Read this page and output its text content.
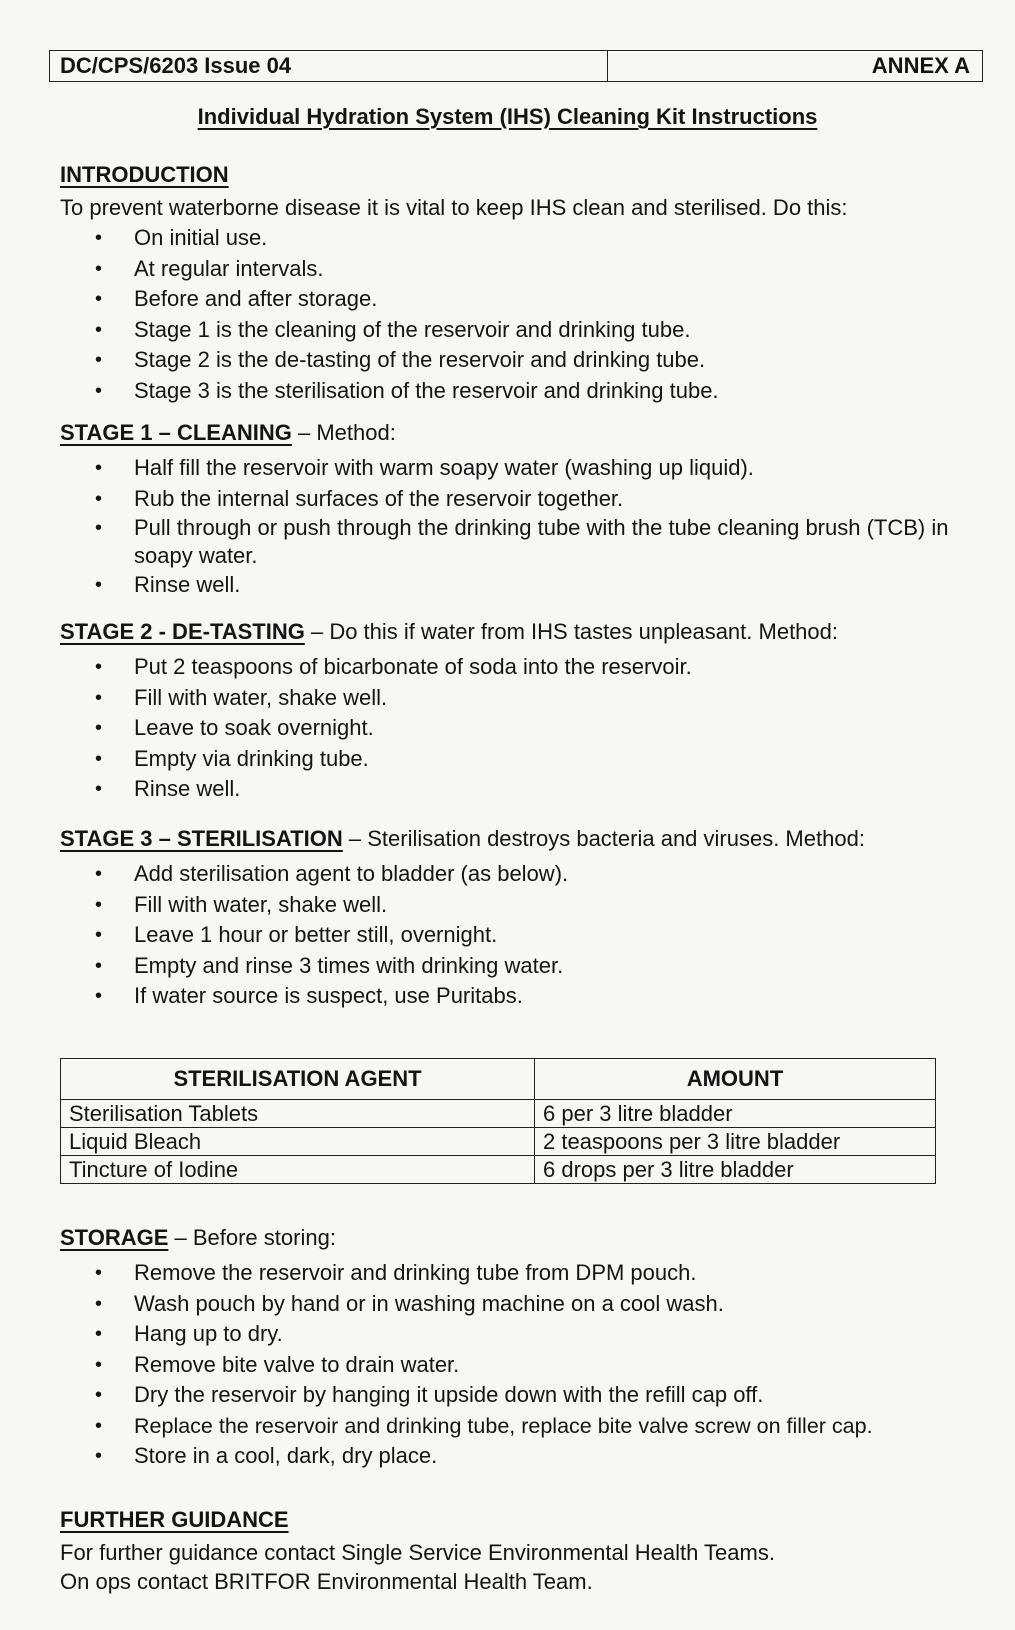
DC/CPS/6203 Issue 04	ANNEX A
Individual Hydration System (IHS) Cleaning Kit Instructions
INTRODUCTION
To prevent waterborne disease it is vital to keep IHS clean and sterilised. Do this:
• On initial use.
• At regular intervals.
• Before and after storage.
• Stage 1 is the cleaning of the reservoir and drinking tube.
• Stage 2 is the de-tasting of the reservoir and drinking tube.
• Stage 3 is the sterilisation of the reservoir and drinking tube.
STAGE 1 – CLEANING – Method:
• Half fill the reservoir with warm soapy water (washing up liquid).
• Rub the internal surfaces of the reservoir together.
• Pull through or push through the drinking tube with the tube cleaning brush (TCB) in soapy water.
• Rinse well.
STAGE 2 - DE-TASTING – Do this if water from IHS tastes unpleasant. Method:
• Put 2 teaspoons of bicarbonate of soda into the reservoir.
• Fill with water, shake well.
• Leave to soak overnight.
• Empty via drinking tube.
• Rinse well.
STAGE 3 – STERILISATION – Sterilisation destroys bacteria and viruses. Method:
• Add sterilisation agent to bladder (as below).
• Fill with water, shake well.
• Leave 1 hour or better still, overnight.
• Empty and rinse 3 times with drinking water.
• If water source is suspect, use Puritabs.
STERILISATION AGENT	AMOUNT
Sterilisation Tablets	6 per 3 litre bladder
Liquid Bleach	2 teaspoons per 3 litre bladder
Tincture of Iodine	6 drops per 3 litre bladder
STORAGE – Before storing:
• Remove the reservoir and drinking tube from DPM pouch.
• Wash pouch by hand or in washing machine on a cool wash.
• Hang up to dry.
• Remove bite valve to drain water.
• Dry the reservoir by hanging it upside down with the refill cap off.
• Replace the reservoir and drinking tube, replace bite valve screw on filler cap.
• Store in a cool, dark, dry place.
FURTHER GUIDANCE

For further guidance contact Single Service Environmental Health Teams.

On ops contact BRITFOR Environmental Health Team.
